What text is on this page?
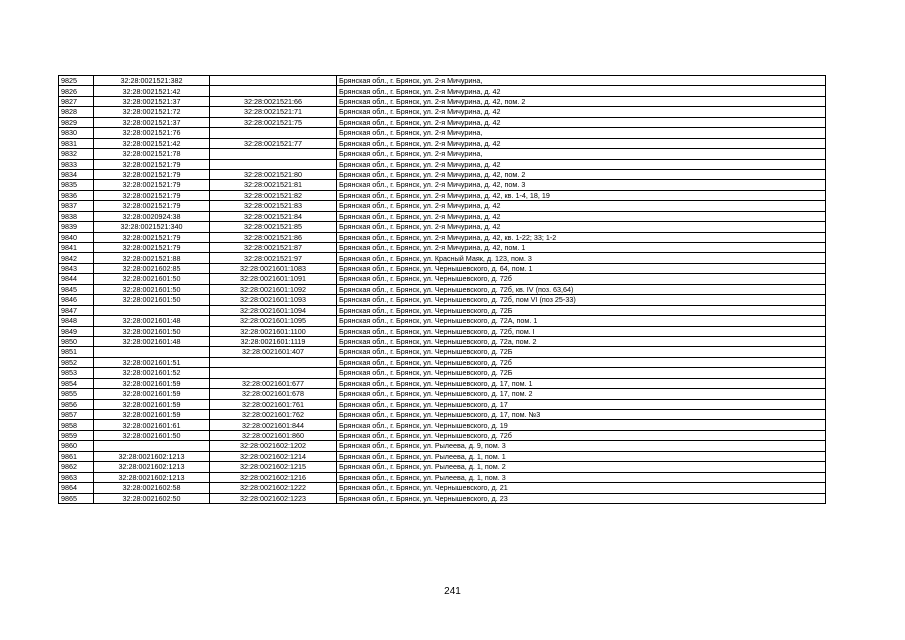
9825	32:28:0021521:382		Брянская обл., г. Брянск, ул. 2-я Мичурина,
9826	32:28:0021521:42		Брянская обл., г. Брянск, ул. 2-я Мичурина, д. 42
9827	32:28:0021521:37	32:28:0021521:66	Брянская обл., г. Брянск, ул. 2-я Мичурина, д. 42, пом. 2
9828	32:28:0021521:72	32:28:0021521:71	Брянская обл., г. Брянск, ул. 2-я Мичурина, д. 42
9829	32:28:0021521:37	32:28:0021521:75	Брянская обл., г. Брянск, ул. 2-я Мичурина, д. 42
9830	32:28:0021521:76		Брянская обл., г. Брянск, ул. 2-я Мичурина,
9831	32:28:0021521:42	32:28:0021521:77	Брянская обл., г. Брянск, ул. 2-я Мичурина, д. 42
9832	32:28:0021521:78		Брянская обл., г. Брянск, ул. 2-я Мичурина,
9833	32:28:0021521:79		Брянская обл., г. Брянск, ул. 2-я Мичурина, д. 42
9834	32:28:0021521:79	32:28:0021521:80	Брянская обл., г. Брянск, ул. 2-я Мичурина, д. 42, пом. 2
9835	32:28:0021521:79	32:28:0021521:81	Брянская обл., г. Брянск, ул. 2-я Мичурина, д. 42, пом. 3
9836	32:28:0021521:79	32:28:0021521:82	Брянская обл., г. Брянск, ул. 2-я Мичурина, д. 42, кв. 1-4, 18, 19
9837	32:28:0021521:79	32:28:0021521:83	Брянская обл., г. Брянск, ул. 2-я Мичурина, д. 42
9838	32:28:0020924:38	32:28:0021521:84	Брянская обл., г. Брянск, ул. 2-я Мичурина, д. 42
9839	32:28:0021521:340	32:28:0021521:85	Брянская обл., г. Брянск, ул. 2-я Мичурина, д. 42
9840	32:28:0021521:79	32:28:0021521:86	Брянская обл., г. Брянск, ул. 2-я Мичурина, д. 42, кв. 1-22; 33; 1-2
9841	32:28:0021521:79	32:28:0021521:87	Брянская обл., г. Брянск, ул. 2-я Мичурина, д. 42, пом. 1
9842	32:28:0021521:88	32:28:0021521:97	Брянская обл., г. Брянск, ул. Красный Маяк, д. 123, пом. 3
9843	32:28:0021602:85	32:28:0021601:1083	Брянская обл., г. Брянск, ул. Чернышевского, д. 64, пом. 1
9844	32:28:0021601:50	32:28:0021601:1091	Брянская обл., г. Брянск, ул. Чернышевского, д. 72б
9845	32:28:0021601:50	32:28:0021601:1092	Брянская обл., г. Брянск, ул. Чернышевского, д. 72б, кв. IV (поз. 63,64)
9846	32:28:0021601:50	32:28:0021601:1093	Брянская обл., г. Брянск, ул. Чернышевского, д. 72б, пом VI (поз 25-33)
9847		32:28:0021601:1094	Брянская обл., г. Брянск, ул. Чернышевского, д. 72Б
9848	32:28:0021601:48	32:28:0021601:1095	Брянская обл., г. Брянск, ул. Чернышевского, д. 72А, пом. 1
9849	32:28:0021601:50	32:28:0021601:1100	Брянская обл., г. Брянск, ул. Чернышевского, д. 72б, пом. I
9850	32:28:0021601:48	32:28:0021601:1119	Брянская обл., г. Брянск, ул. Чернышевского, д. 72а, пом. 2
9851		32:28:0021601:407	Брянская обл., г. Брянск, ул. Чернышевского, д. 72Б
9852	32:28:0021601:51		Брянская обл., г. Брянск, ул. Чернышевского, д. 72б
9853	32:28:0021601:52		Брянская обл., г. Брянск, ул. Чернышевского, д. 72Б
9854	32:28:0021601:59	32:28:0021601:677	Брянская обл., г. Брянск, ул. Чернышевского, д. 17, пом. 1
9855	32:28:0021601:59	32:28:0021601:678	Брянская обл., г. Брянск, ул. Чернышевского, д. 17, пом. 2
9856	32:28:0021601:59	32:28:0021601:761	Брянская обл., г. Брянск, ул. Чернышевского, д. 17
9857	32:28:0021601:59	32:28:0021601:762	Брянская обл., г. Брянск, ул. Чернышевского, д. 17, пом. №3
9858	32:28:0021601:61	32:28:0021601:844	Брянская обл., г. Брянск, ул. Чернышевского, д. 19
9859	32:28:0021601:50	32:28:0021601:860	Брянская обл., г. Брянск, ул. Чернышевского, д. 72б
9860		32:28:0021602:1202	Брянская обл., г. Брянск, ул. Рылеева, д. 9, пом. 3
9861	32:28:0021602:1213	32:28:0021602:1214	Брянская обл., г. Брянск, ул. Рылеева, д. 1, пом. 1
9862	32:28:0021602:1213	32:28:0021602:1215	Брянская обл., г. Брянск, ул. Рылеева, д. 1, пом. 2
9863	32:28:0021602:1213	32:28:0021602:1216	Брянская обл., г. Брянск, ул. Рылеева, д. 1, пом. 3
9864	32:28:0021602:58	32:28:0021602:1222	Брянская обл., г. Брянск, ул. Чернышевского, д. 21
9865	32:28:0021602:50	32:28:0021602:1223	Брянская обл., г. Брянск, ул. Чернышевского, д. 23
241
